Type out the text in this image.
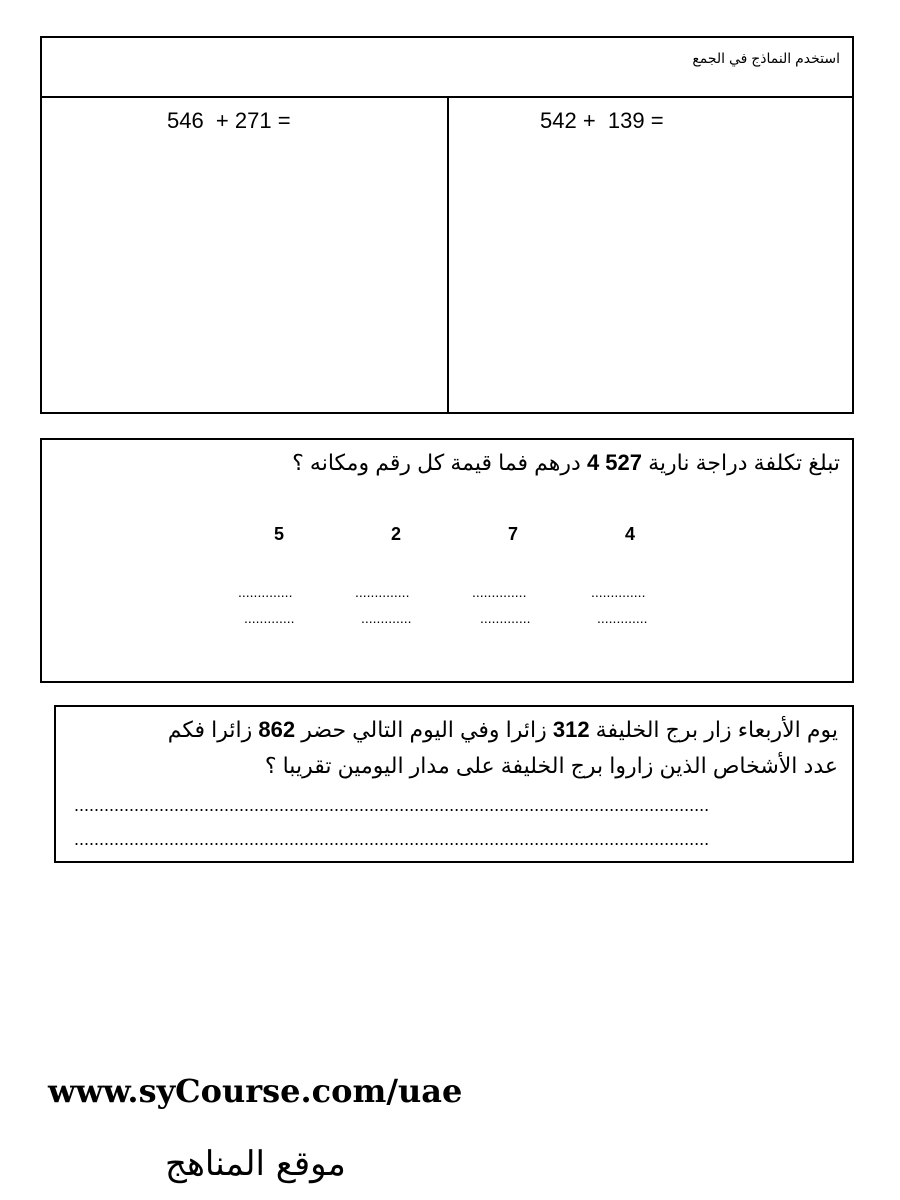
استخدم النماذج في الجمع
546  + 271 =	542 +  139 =
تبلغ تكلفة دراجة نارية 4 527 درهم فما قيمة كل رقم ومكانه ؟
5	2	7	4
..............	..............	..............	..............
.............	.............	.............	.............
يوم الأربعاء زار برج الخليفة 312 زائرا وفي اليوم التالي حضر 862 زائرا فكم
عدد الأشخاص الذين زاروا برج الخليفة على مدار اليومين تقريبا ؟
...............................................................................................................................
...............................................................................................................................
www.syCourse.com/uae
موقع المناهج
